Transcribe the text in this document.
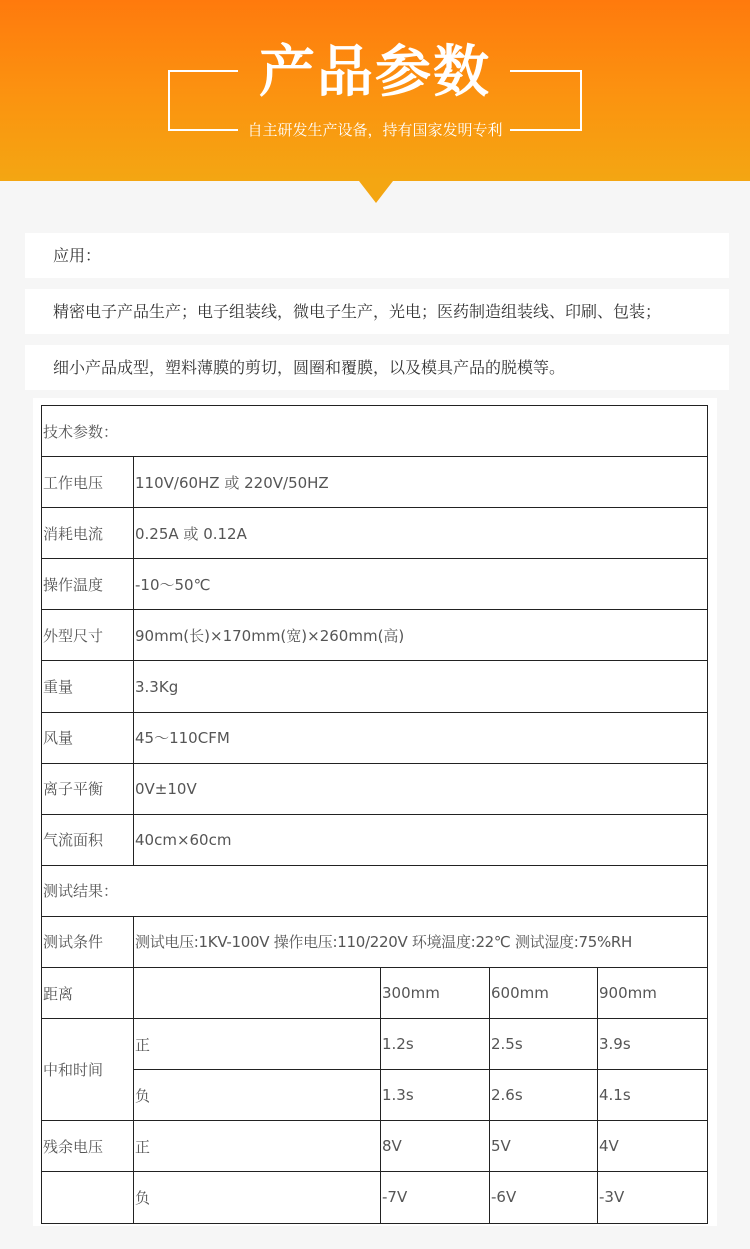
产品参数
自主研发生产设备，持有国家发明专利
应用：
精密电子产品生产；电子组装线，微电子生产，光电；医药制造组装线、印刷、包装；
细小产品成型，塑料薄膜的剪切，圆圈和覆膜，以及模具产品的脱模等。
技术参数：				
工作电压	110V/60HZ 或 220V/50HZ			
消耗电流	0.25A 或 0.12A			
操作温度	-10～50℃			
外型尺寸	90mm(长)×170mm(宽)×260mm(高)			
重量	3.3Kg			
风量	45～110CFM			
离子平衡	0V±10V			
气流面积	40cm×60cm			
测试结果：				
测试条件	测试电压:1KV-100V 操作电压:110/220V 环境温度:22℃ 测试湿度:75%RH			
距离		300mm	600mm	900mm
中和时间	正	1.2s	2.5s	3.9s
	负	1.3s	2.6s	4.1s
残余电压	正	8V	5V	4V
	负	-7V	-6V	-3V
